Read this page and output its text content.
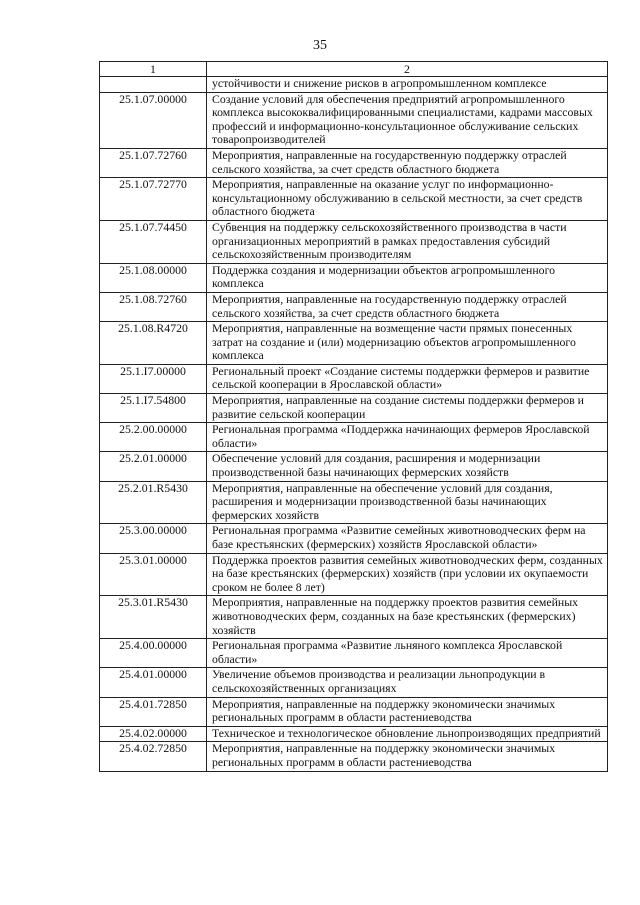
35
1	2
	устойчивости и снижение рисков в агропромышленном комплексе
25.1.07.00000	Создание условий для обеспечения предприятий агропромышленного комплекса высококвалифицированными специалистами, кадрами массовых профессий и информационно-консультационное обслуживание сельских товаропроизводителей
25.1.07.72760	Мероприятия, направленные на государственную поддержку отраслей сельского хозяйства, за счет средств областного бюджета
25.1.07.72770	Мероприятия, направленные на оказание услуг по информационно-консультационному обслуживанию в сельской местности, за счет средств областного бюджета
25.1.07.74450	Субвенция на поддержку сельскохозяйственного производства в части организационных мероприятий в рамках предоставления субсидий сельскохозяйственным производителям
25.1.08.00000	Поддержка создания и модернизации объектов агропромышленного комплекса
25.1.08.72760	Мероприятия, направленные на государственную поддержку отраслей сельского хозяйства, за счет средств областного бюджета
25.1.08.R4720	Мероприятия, направленные на возмещение части прямых понесенных затрат на создание и (или) модернизацию объектов агропромышленного комплекса
25.1.I7.00000	Региональный проект «Создание системы поддержки фермеров и развитие сельской кооперации в Ярославской области»
25.1.I7.54800	Мероприятия, направленные на создание системы поддержки фермеров и развитие сельской кооперации
25.2.00.00000	Региональная программа «Поддержка начинающих фермеров Ярославской области»
25.2.01.00000	Обеспечение условий для создания, расширения и модернизации производственной базы начинающих фермерских хозяйств
25.2.01.R5430	Мероприятия, направленные на обеспечение условий для создания, расширения и модернизации производственной базы начинающих фермерских хозяйств
25.3.00.00000	Региональная программа «Развитие семейных животноводческих ферм на базе крестьянских (фермерских) хозяйств Ярославской области»
25.3.01.00000	Поддержка проектов развития семейных животноводческих ферм, созданных на базе крестьянских (фермерских) хозяйств (при условии их окупаемости сроком не более 8 лет)
25.3.01.R5430	Мероприятия, направленные на поддержку проектов развития семейных животноводческих ферм, созданных на базе крестьянских (фермерских) хозяйств
25.4.00.00000	Региональная программа «Развитие льняного комплекса Ярославской области»
25.4.01.00000	Увеличение объемов производства и реализации льнопродукции в сельскохозяйственных организациях
25.4.01.72850	Мероприятия, направленные на поддержку экономически значимых региональных программ в области растениеводства
25.4.02.00000	Техническое и технологическое обновление льнопроизводящих предприятий
25.4.02.72850	Мероприятия, направленные на поддержку экономически значимых региональных программ в области растениеводства
